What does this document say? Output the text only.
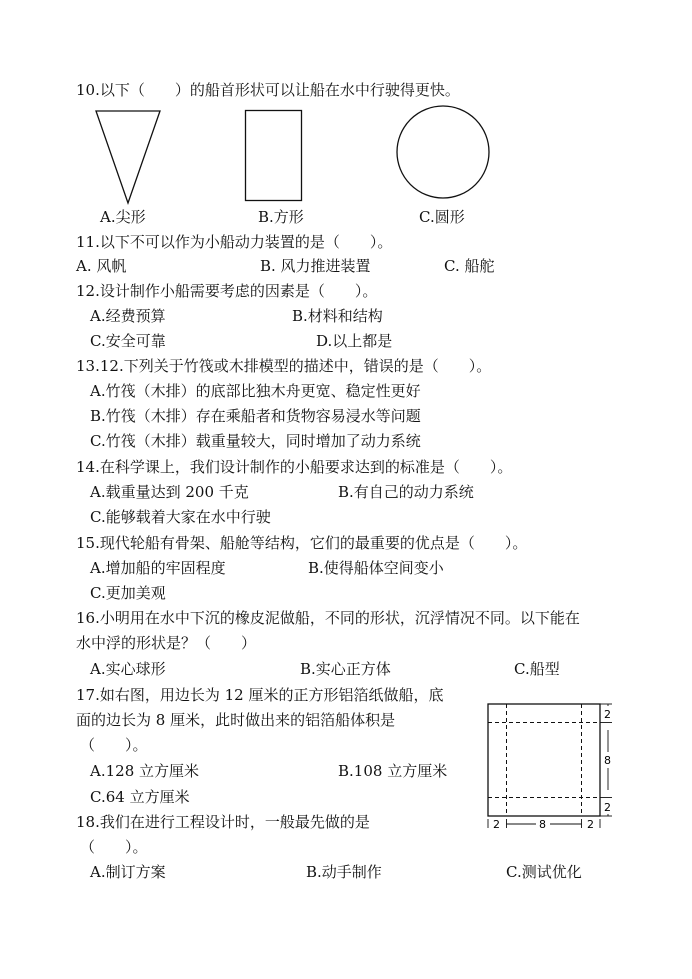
10.以下（　　）的船首形状可以让船在水中行驶得更快。
A.尖形	B.方形	C.圆形
11.以下不可以作为小船动力装置的是（　　）。
A. 风帆	B. 风力推进装置	C. 船舵
12.设计制作小船需要考虑的因素是（　　）。
A.经费预算	B.材料和结构
C.安全可靠	D.以上都是
13.12.下列关于竹筏或木排模型的描述中，错误的是（　　）。
A.竹筏（木排）的底部比独木舟更宽、稳定性更好
B.竹筏（木排）存在乘船者和货物容易浸水等问题
C.竹筏（木排）载重量较大，同时增加了动力系统
14.在科学课上，我们设计制作的小船要求达到的标准是（　　）。
A.载重量达到 200 千克	B.有自己的动力系统
C.能够载着大家在水中行驶
15.现代轮船有骨架、船舱等结构，它们的最重要的优点是（　　）。
A.增加船的牢固程度	B.使得船体空间变小
C.更加美观
16.小明用在水中下沉的橡皮泥做船，不同的形状，沉浮情况不同。以下能在
水中浮的形状是？（　　）
A.实心球形	B.实心正方体	C.船型
17.如右图，用边长为 12 厘米的正方形铝箔纸做船，底
面的边长为 8 厘米，此时做出来的铝箔船体积是
（　　）。
A.128 立方厘米	B.108 立方厘米
C.64 立方厘米
2
8
2
2	8	2
18.我们在进行工程设计时，一般最先做的是
（　　）。
A.制订方案	B.动手制作	C.测试优化
